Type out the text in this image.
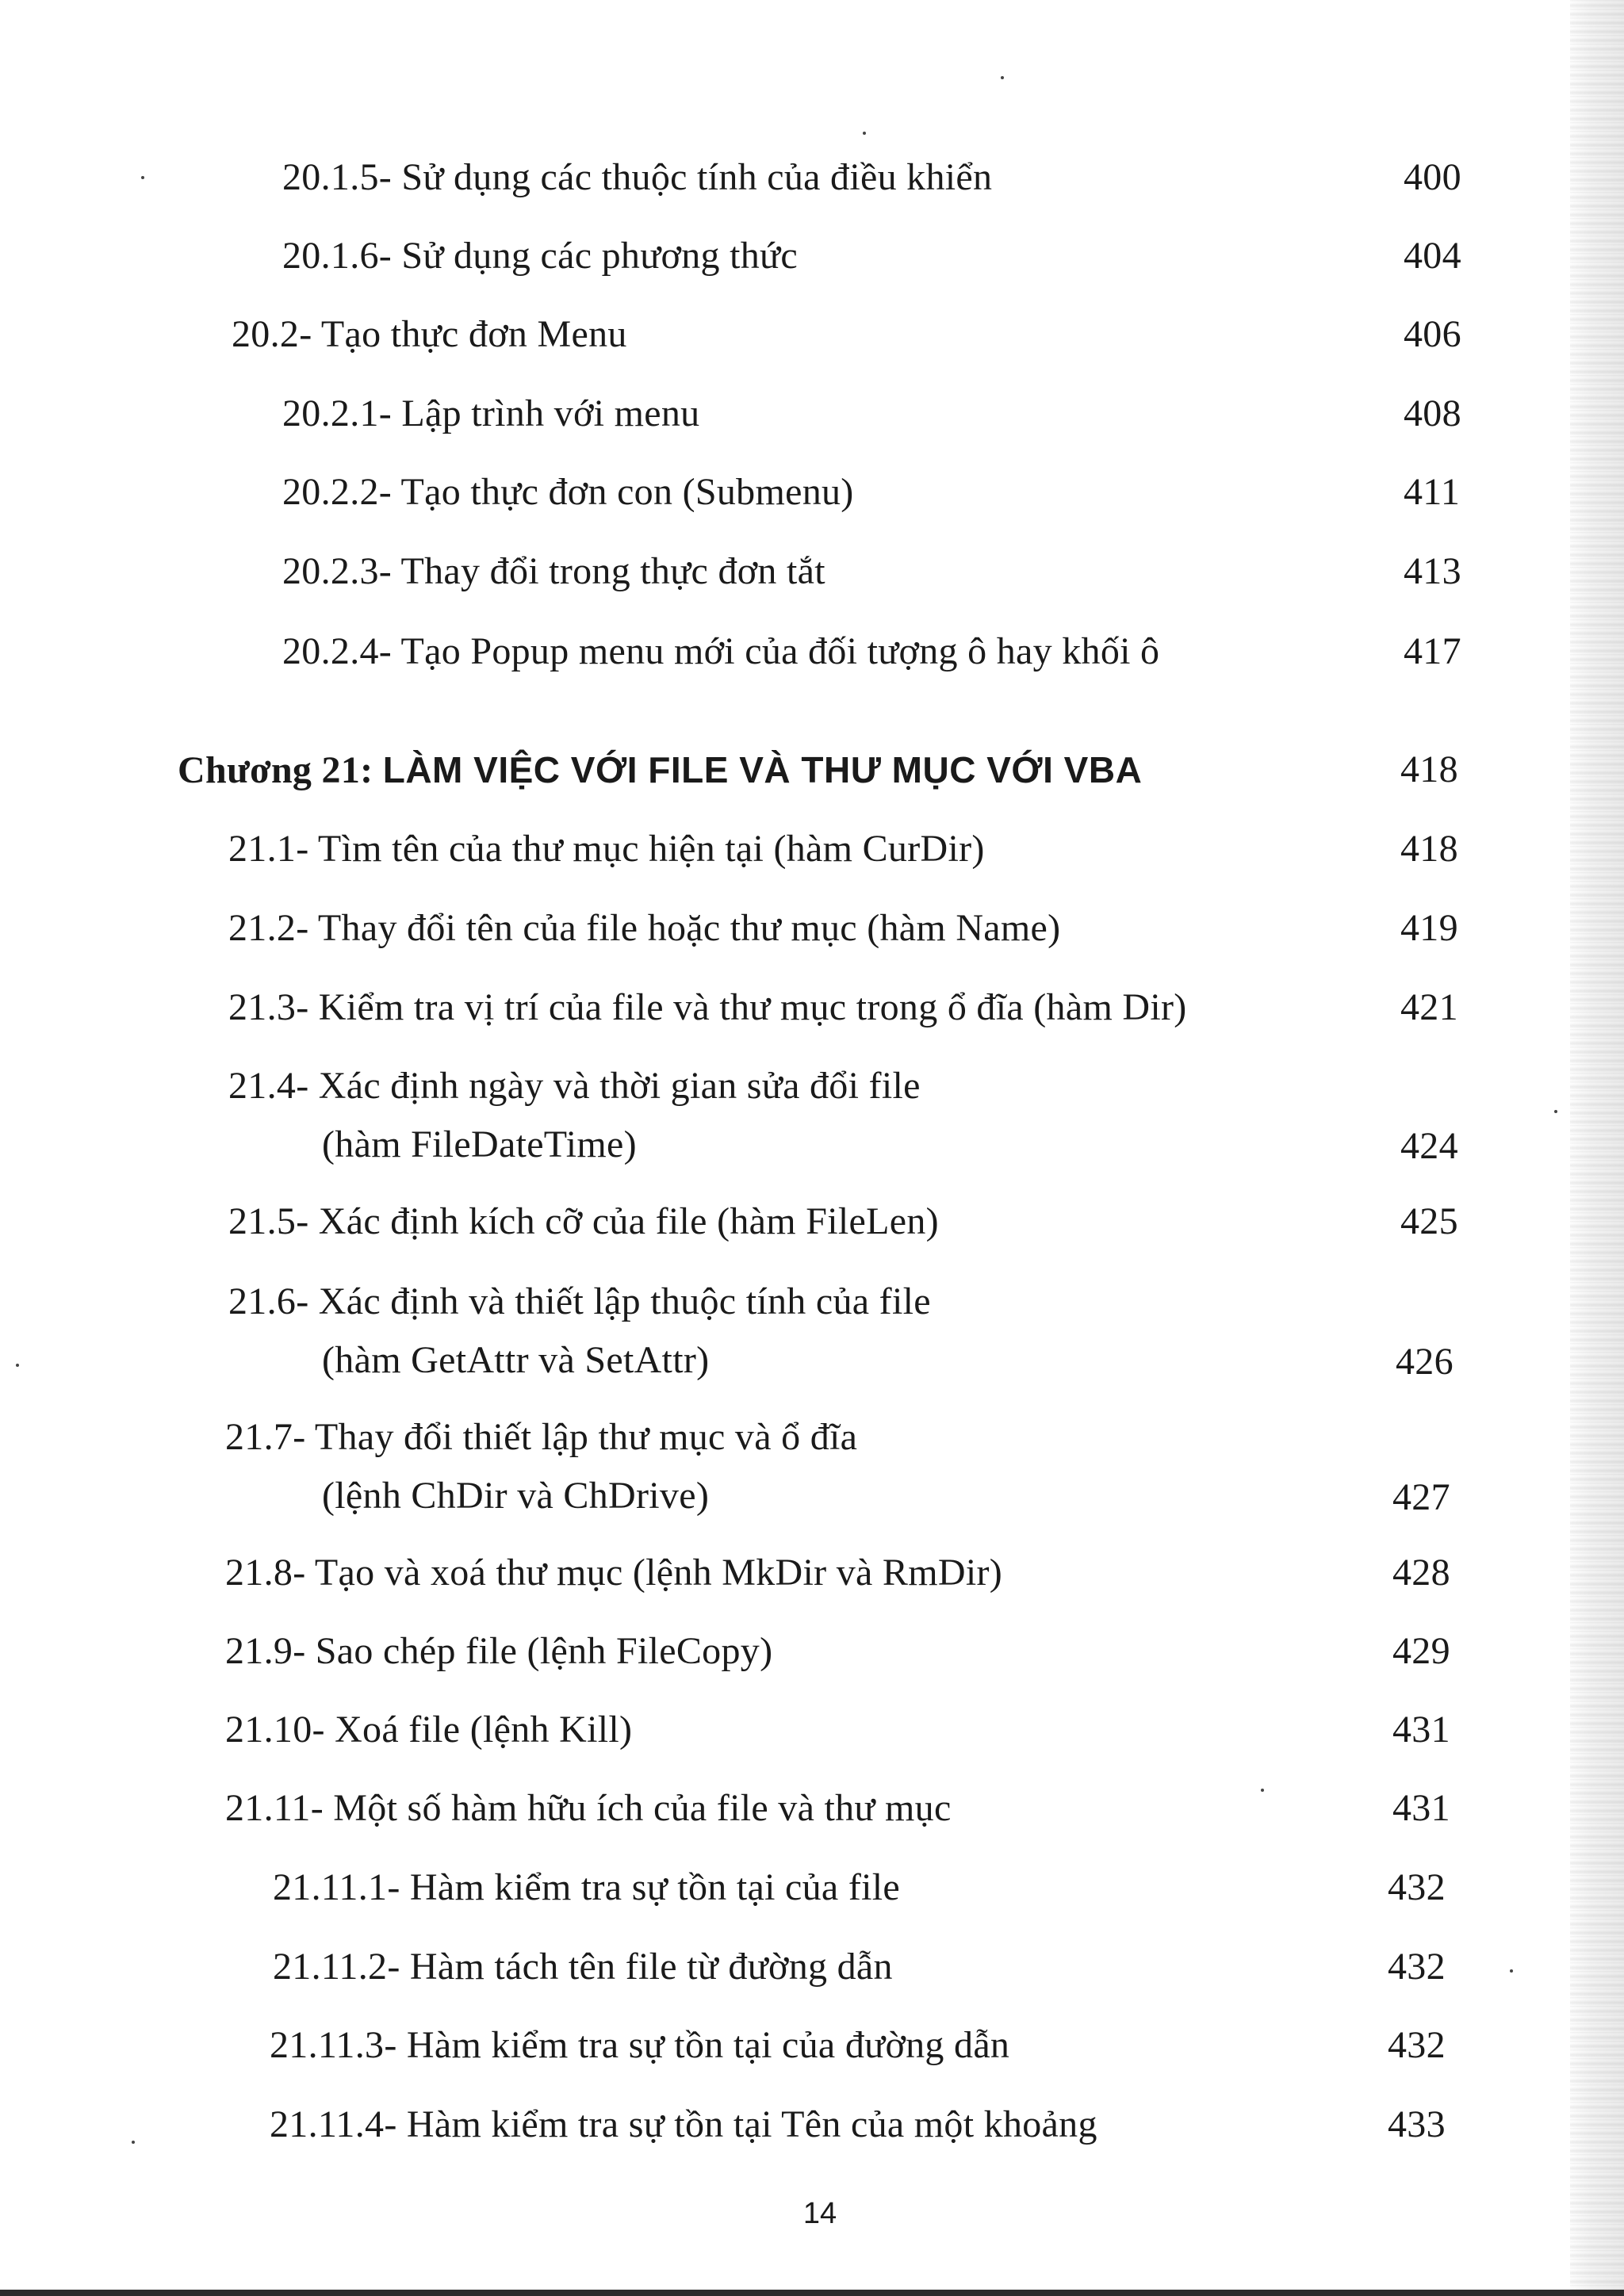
20.1.5- Sử dụng các thuộc tính của điều khiển	400
20.1.6- Sử dụng các phương thức	404
20.2- Tạo thực đơn Menu	406
20.2.1- Lập trình với menu	408
20.2.2- Tạo thực đơn con (Submenu)	411
20.2.3- Thay đổi trong thực đơn tắt	413
20.2.4- Tạo Popup menu mới của đối tượng ô hay khối ô	417
Chương 21: LÀM VIỆC VỚI FILE VÀ THƯ MỤC VỚI VBA	418
21.1- Tìm tên của thư mục hiện tại (hàm CurDir)	418
21.2- Thay đổi tên của file hoặc thư mục (hàm Name)	419
21.3- Kiểm tra vị trí của file và thư mục trong ổ đĩa (hàm Dir)	421
21.4- Xác định ngày và thời gian sửa đổi file
(hàm FileDateTime)	424
21.5- Xác định kích cỡ của file (hàm FileLen)	425
21.6- Xác định và thiết lập thuộc tính của file
(hàm GetAttr và SetAttr)	426
21.7- Thay đổi thiết lập thư mục và ổ đĩa
(lệnh ChDir và ChDrive)	427
21.8- Tạo và xoá thư mục (lệnh MkDir và RmDir)	428
21.9- Sao chép file (lệnh FileCopy)	429
21.10- Xoá file (lệnh Kill)	431
21.11- Một số hàm hữu ích của file và thư mục	431
21.11.1- Hàm kiểm tra sự tồn tại của file	432
21.11.2- Hàm tách tên file từ đường dẫn	432
21.11.3- Hàm kiểm tra sự tồn tại của đường dẫn	432
21.11.4- Hàm kiểm tra sự tồn tại Tên của một khoảng	433
14
